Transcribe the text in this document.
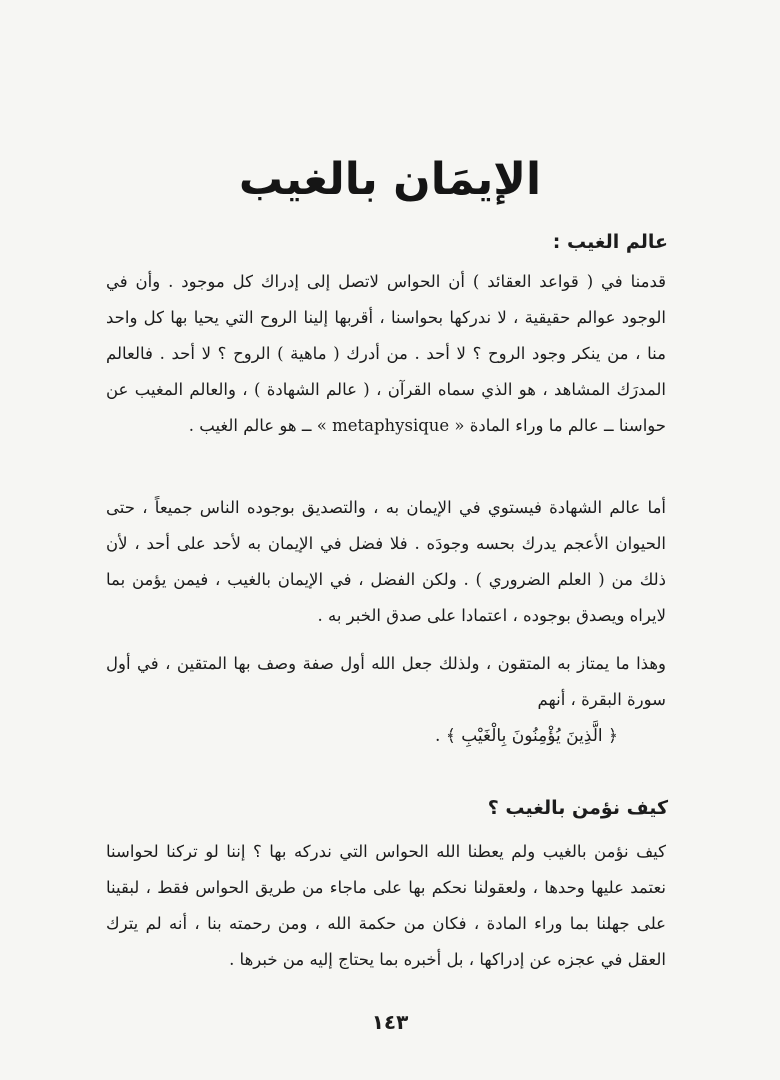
الإيمَان بالغيب
عالم الغيب :

قدمنا في ( قواعد العقائد ) أن الحواس لاتصل إلى إدراك كل موجود . وأن في الوجود عوالم حقيقية ، لا ندركها بحواسنا ، أقربها إلينا الروح التي يحيا بها كل واحد منا ، من ينكر وجود الروح ؟ لا أحد . من أدرك ( ماهية ) الروح ؟ لا أحد . فالعالم المدرَك المشاهد ، هو الذي سماه القرآن ، ( عالم الشهادة ) ، والعالم المغيب عن حواسنا ــ عالم ما وراء المادة « metaphysique » ــ هو عالم الغيب .

أما عالم الشهادة فيستوي في الإيمان به ، والتصديق بوجوده الناس جميعاً ، حتى الحيوان الأعجم يدرك بحسه وجودَه . فلا فضل في الإيمان به لأحد على أحد ، لأن ذلك من ( العلم الضروري ) . ولكن الفضل ، في الإيمان بالغيب ، فيمن يؤمن بما لايراه ويصدق بوجوده ، اعتمادا على صدق الخبر به .

وهذا ما يمتاز به المتقون ، ولذلك جعل الله أول صفة وصف بها المتقين ، في أول سورة البقرة ، أنهم

﴿ الَّذِينَ يُؤْمِنُونَ بِالْغَيْبِ ﴾ .

كيف نؤمن بالغيب ؟

كيف نؤمن بالغيب ولم يعطنا الله الحواس التي ندركه بها ؟ إننا لو تركنا لحواسنا نعتمد عليها وحدها ، ولعقولنا نحكم بها على ماجاء من طريق الحواس فقط ، لبقينا على جهلنا بما وراء المادة ، فكان من حكمة الله ، ومن رحمته بنا ، أنه لم يترك العقل في عجزه عن إدراكها ، بل أخبره بما يحتاج إليه من خبرها .

١٤٣
